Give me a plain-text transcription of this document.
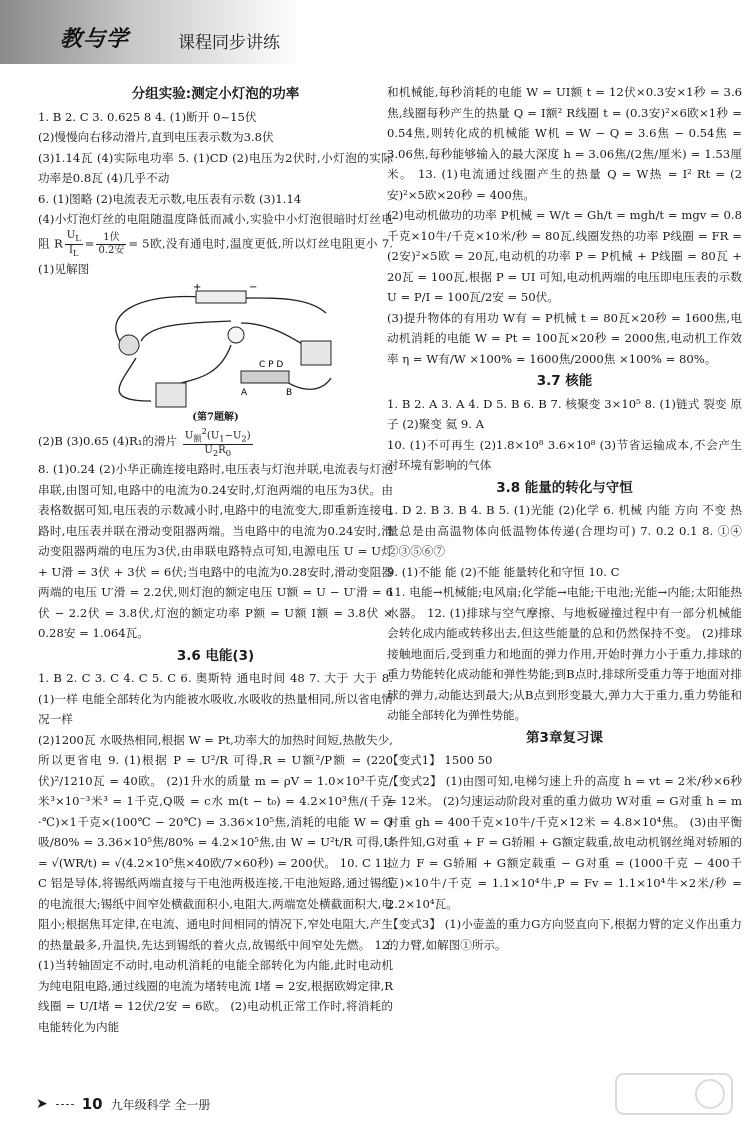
教与学	课程同步讲练
分组实验:测定小灯泡的功率

1. B 2. C 3. 0.625 8 4. (1)断开 0~15伏

(2)慢慢向右移动滑片,直到电压表示数为3.8伏

(3)1.14瓦 (4)实际电功率 5. (1)CD (2)电压为2伏时,小灯泡的实际功率是0.8瓦 (4)几乎不动

6. (1)图略 (2)电流表无示数,电压表有示数 (3)1.14

(4)小灯泡灯丝的电阻随温度降低而减小,实验中小灯泡很暗时灯丝电阻 R $\frac{U_L}{I_L} = \frac{\text{1伏}}{\text{0.2安}} = 5$欧,没有通电时,温度更低,所以灯丝电阻更小 7. (1)见解图

+	−
C P D
A	B
(第7题解)

(2)B (3)0.65 (4)R₁的滑片 $\frac{U_额^2(U_1-U_2)}{U_2R_0}$

8. (1)0.24 (2)小华正确连接电路时,电压表与灯泡并联,电流表与灯泡串联,由图可知,电路中的电流为0.24安时,灯泡两端的电压为3伏。由表格数据可知,电压表的示数减小时,电路中的电流变大,即重新连接电路时,电压表并联在滑动变阻器两端。当电路中的电流为0.24安时,滑动变阻器两端的电压为3伏,由串联电路特点可知,电源电压 U = U灯 + U滑 = 3伏 + 3伏 = 6伏;当电路中的电流为0.28安时,滑动变阻器两端的电压 U′滑 = 2.2伏,则灯泡的额定电压 U额 = U − U′滑 = 6伏 − 2.2伏 = 3.8伏,灯泡的额定功率 P额 = U额 I额 = 3.8伏 × 0.28安 = 1.064瓦。

3.6 电能(3)

1. B 2. C 3. C 4. C 5. C 6. 奥斯特 通电时间 48 7. 大于 大于 8. (1)一样 电能全部转化为内能被水吸收,水吸收的热量相同,所以省电情况一样

(2)1200瓦 水吸热相同,根据 W = Pt,功率大的加热时间短,热散失少,所以更省电 9. (1)根据 P = U²/R 可得,R = U额²/P额 = (220伏)²/1210瓦 = 40欧。 (2)1升水的质量 m = ρV = 1.0×10³千克/米³×10⁻³米³ = 1千克,Q吸 = c水 m(t − t₀) = 4.2×10³焦/(千克·℃)×1千克×(100℃ − 20℃) = 3.36×10⁵焦,消耗的电能 W = Q吸/80% = 3.36×10⁵焦/80% = 4.2×10⁵焦,由 W = U²t/R 可得,U = √(WR/t) = √(4.2×10⁵焦×40欧/7×60秒) = 200伏。 10. C 11. C 铝是导体,将锡纸两端直接与干电池两极连接,干电池短路,通过锡纸的电流很大;锡纸中间窄处横截面积小,电阻大,两端宽处横截面积大,电阻小;根据焦耳定律,在电流、通电时间相同的情况下,窄处电阻大,产生的热量最多,升温快,先达到锡纸的着火点,故锡纸中间窄处先燃。 12. (1)当转轴固定不动时,电动机消耗的电能全部转化为内能,此时电动机为纯电阻电路,通过线圈的电流为堵转电流 I堵 = 2安,根据欧姆定律,R线圈 = U/I堵 = 12伏/2安 = 6欧。 (2)电动机正常工作时,将消耗的电能转化为内能

和机械能,每秒消耗的电能 W = UI额 t = 12伏×0.3安×1秒 = 3.6焦,线圈每秒产生的热量 Q = I额² R线圈 t = (0.3安)²×6欧×1秒 = 0.54焦,则转化成的机械能 W机 = W − Q = 3.6焦 − 0.54焦 = 3.06焦,每秒能够输入的最大深度 h = 3.06焦/(2焦/厘米) = 1.53厘米。 13. (1)电流通过线圈产生的热量 Q = W热 = I² Rt = (2安)²×5欧×20秒 = 400焦。

(2)电动机做功的功率 P机械 = W/t = Gh/t = mgh/t = mgv = 0.8千克×10牛/千克×10米/秒 = 80瓦,线圈发热的功率 P线圈 = FR = (2安)²×5欧 = 20瓦,电动机的功率 P = P机械 + P线圈 = 80瓦 + 20瓦 = 100瓦,根据 P = UI 可知,电动机两端的电压即电压表的示数 U = P/I = 100瓦/2安 = 50伏。

(3)提升物体的有用功 W有 = P机械 t = 80瓦×20秒 = 1600焦,电动机消耗的电能 W = Pt = 100瓦×20秒 = 2000焦,电动机工作效率 η = W有/W ×100% = 1600焦/2000焦 ×100% = 80%。

3.7 核能

1. B 2. A 3. A 4. D 5. B 6. B 7. 核聚变 3×10⁵ 8. (1)链式 裂变 原子 (2)聚变 氦 9. A

10. (1)不可再生 (2)1.8×10⁸ 3.6×10⁸ (3)节省运输成本,不会产生对环境有影响的气体

3.8 能量的转化与守恒

1. D 2. B 3. B 4. B 5. (1)光能 (2)化学 6. 机械 内能 方向 不变 热量总是由高温物体向低温物体传递(合理均可) 7. 0.2 0.1 8. ①④ ②③⑤⑥⑦

9. (1)不能 能 (2)不能 能量转化和守恒 10. C

11. 电能→机械能;电风扇;化学能→电能;干电池;光能→内能;太阳能热水器。 12. (1)排球与空气摩擦、与地板碰撞过程中有一部分机械能会转化成内能或转移出去,但这些能量的总和仍然保持不变。 (2)排球接触地面后,受到重力和地面的弹力作用,开始时弹力小于重力,排球的重力势能转化成动能和弹性势能;到B点时,排球所受重力等于地面对排球的弹力,动能达到最大;从B点到形变最大,弹力大于重力,重力势能和动能全部转化为弹性势能。

第3章复习课

【变式1】 1500 50

【变式2】 (1)由图可知,电梯匀速上升的高度 h = vt = 2米/秒×6秒 = 12米。 (2)匀速运动阶段对重的重力做功 W对重 = G对重 h = m对重 gh = 400千克×10牛/千克×12米 = 4.8×10⁴焦。 (3)由平衡条件知,G对重 + F = G轿厢 + G额定载重,故电动机钢丝绳对轿厢的拉力 F = G轿厢 + G额定载重 − G对重 = (1000千克 − 400千克)×10牛/千克 = 1.1×10⁴牛,P = Fv = 1.1×10⁴牛×2米/秒 = 2.2×10⁴瓦。

【变式3】 (1)小壶盖的重力G方向竖直向下,根据力臂的定义作出重力的力臂,如解图①所示。

➤ 10 九年级科学 全一册
